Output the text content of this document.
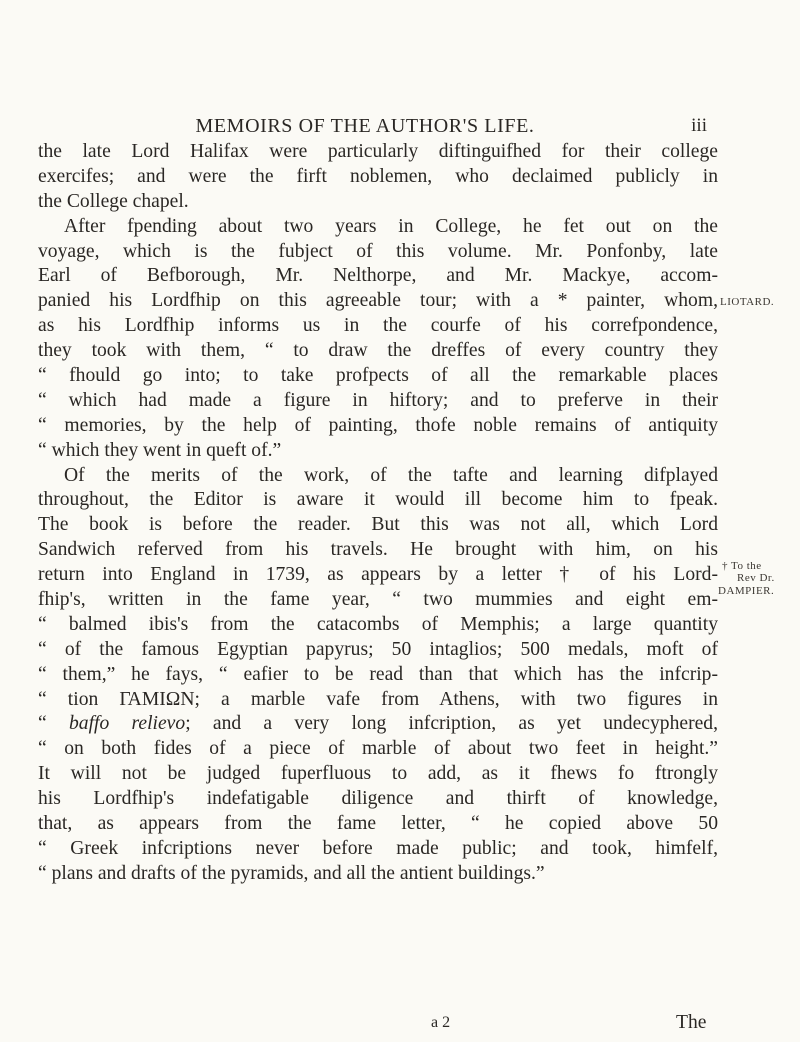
MEMOIRS OF THE AUTHOR'S LIFE.	iii
the late Lord Halifax were particularly diftinguifhed for their college
exercifes; and were the firft noblemen, who declaimed publicly in
the College chapel.
After fpending about two years in College, he fet out on the
voyage, which is the fubject of this volume. Mr. Ponfonby, late
Earl of Befborough, Mr. Nelthorpe, and Mr. Mackye, accom-
panied his Lordfhip on this agreeable tour; with a * painter, whom,
as his Lordfhip informs us in the courfe of his correfpondence,
they took with them, “ to draw the dreffes of every country they
“ fhould go into; to take profpects of all the remarkable places
“ which had made a figure in hiftory; and to preferve in their
“ memories, by the help of painting, thofe noble remains of antiquity
“ which they went in queft of.”
Of the merits of the work, of the tafte and learning difplayed
throughout, the Editor is aware it would ill become him to fpeak.
The book is before the reader. But this was not all, which Lord
Sandwich referved from his travels. He brought with him, on his
return into England in 1739, as appears by a letter † of his Lord-
fhip's, written in the fame year, “ two mummies and eight em-
“ balmed ibis's from the catacombs of Memphis; a large quantity
“ of the famous Egyptian papyrus; 50 intaglios; 500 medals, moft of
“ them,” he fays, “ eafier to be read than that which has the infcrip-
“ tion ΓΑΜΙΩΝ; a marble vafe from Athens, with two figures in
“ baffo relievo; and a very long infcription, as yet undecyphered,
“ on both fides of a piece of marble of about two feet in height.”
It will not be judged fuperfluous to add, as it fhews fo ftrongly
his Lordfhip's indefatigable diligence and thirft of knowledge,
that, as appears from the fame letter, “ he copied above 50
“ Greek infcriptions never before made public; and took, himfelf,
“ plans and drafts of the pyramids, and all the antient buildings.”
LIOTARD.
† To the
Rev Dr.
DAMPIER.
a 2	The
